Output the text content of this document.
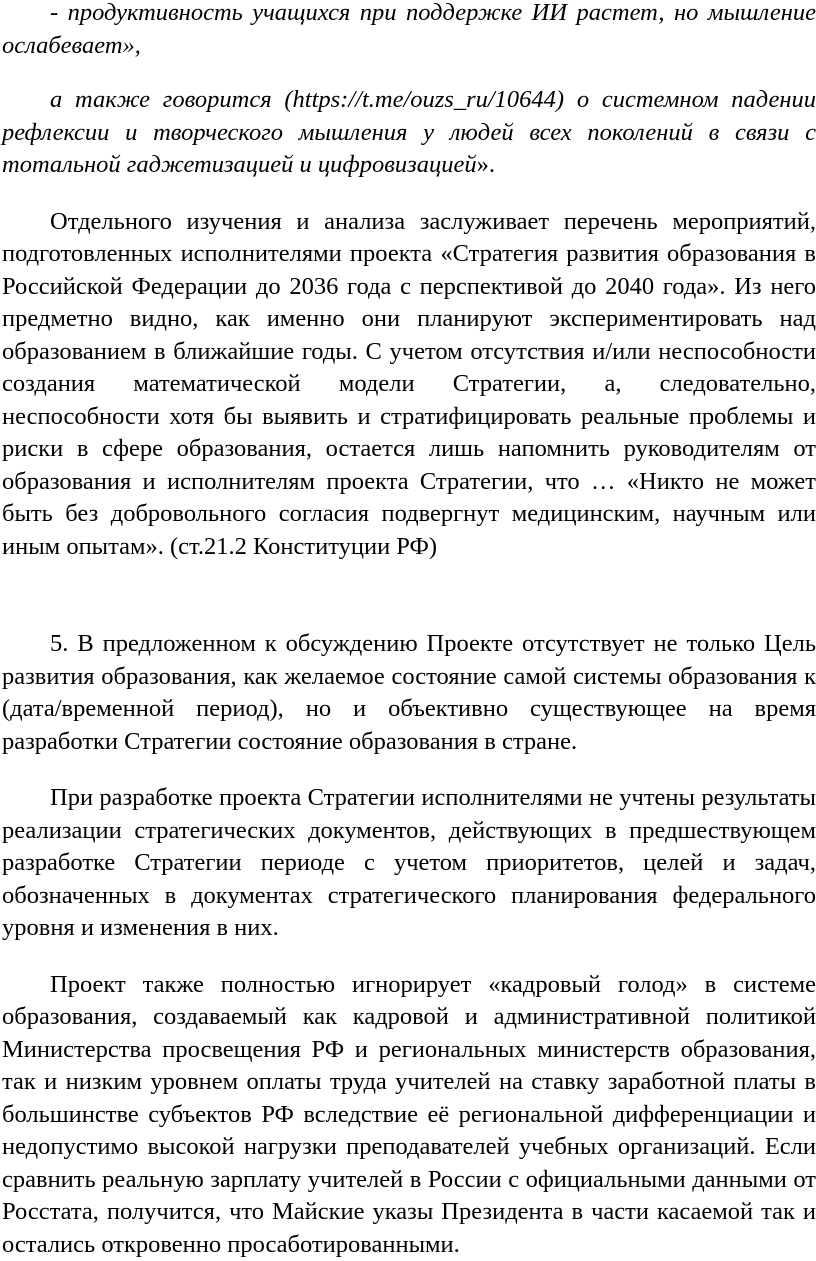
- продуктивность учащихся при поддержке ИИ растет, но мышление ослабевает»,

а также говорится (https://t.me/ouzs_ru/10644) о системном падении рефлексии и творческого мышления у людей всех поколений в связи с тотальной гаджетизацией и цифровизацией».

Отдельного изучения и анализа заслуживает перечень мероприятий, подготовленных исполнителями проекта «Стратегия развития образования в Российской Федерации до 2036 года с перспективой до 2040 года». Из него предметно видно, как именно они планируют экспериментировать над образованием в ближайшие годы. С учетом отсутствия и/или неспособности создания математической модели Стратегии, а, следовательно, неспособности хотя бы выявить и стратифицировать реальные проблемы и риски в сфере образования, остается лишь напомнить руководителям от образования и исполнителям проекта Стратегии, что … «Никто не может быть без добровольного согласия подвергнут медицинским, научным или иным опытам». (ст.21.2 Конституции РФ)

5. В предложенном к обсуждению Проекте отсутствует не только Цель развития образования, как желаемое состояние самой системы образования к (дата/временной период), но и объективно существующее на время разработки Стратегии состояние образования в стране.

При разработке проекта Стратегии исполнителями не учтены результаты реализации стратегических документов, действующих в предшествующем разработке Стратегии периоде с учетом приоритетов, целей и задач, обозначенных в документах стратегического планирования федерального уровня и изменения в них.

Проект также полностью игнорирует «кадровый голод» в системе образования, создаваемый как кадровой и административной политикой Министерства просвещения РФ и региональных министерств образования, так и низким уровнем оплаты труда учителей на ставку заработной платы в большинстве субъектов РФ вследствие её региональной дифференциации и недопустимо высокой нагрузки преподавателей учебных организаций. Если сравнить реальную зарплату учителей в России с официальными данными от Росстата, получится, что Майские указы Президента в части касаемой так и остались откровенно просаботированными.
